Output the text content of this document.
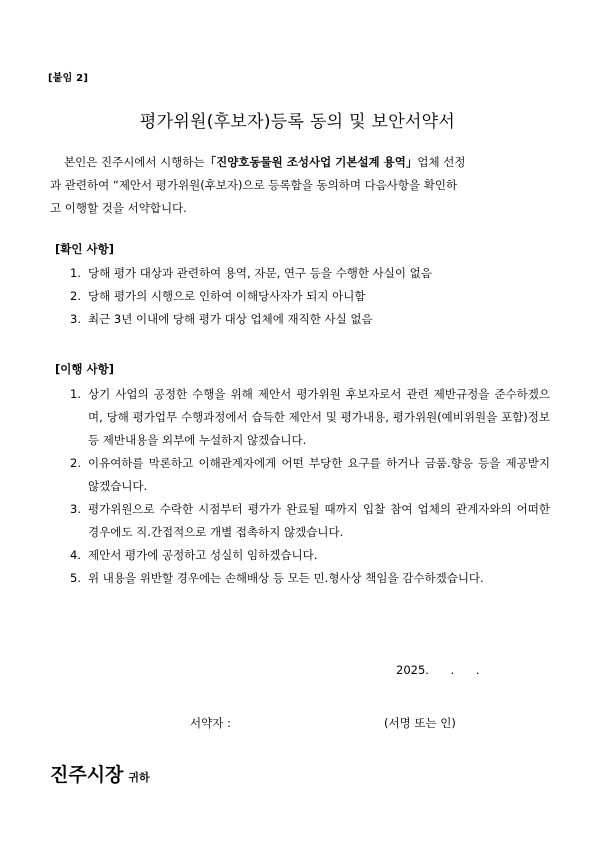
[붙임 2]
평가위원(후보자)등록 동의 및 보안서약서

본인은 진주시에서 시행하는「진양호동물원 조성사업 기본설계 용역」업체 선정

과 관련하여 “제안서 평가위원(후보자)으로 등록함을 동의하며 다음사항을 확인하

고 이행할 것을 서약합니다.

[확인 사항]
1. 당해 평가 대상과 관련하여 용역, 자문, 연구 등을 수행한 사실이 없음
2. 당해 평가의 시행으로 인하여 이해당사자가 되지 아니함
3. 최근 3년 이내에 당해 평가 대상 업체에 재직한 사실 없음
[이행 사항]
1. 상기 사업의 공정한 수행을 위해 제안서 평가위원 후보자로서 관련 제반규정을 준수하겠으며, 당해 평가업무 수행과정에서 습득한 제안서 및 평가내용, 평가위원(예비위원을 포함)정보 등 제반내용을 외부에 누설하지 않겠습니다.
2. 이유여하를 막론하고 이해관계자에게 어떤 부당한 요구를 하거나 금품.향응 등을 제공받지 않겠습니다.
3. 평가위원으로 수락한 시점부터 평가가 완료될 때까지 입찰 참여 업체의 관계자와의 어떠한 경우에도 직.간접적으로 개별 접촉하지 않겠습니다.
4. 제안서 평가에 공정하고 성실히 임하겠습니다.
5. 위 내용을 위반할 경우에는 손해배상 등 모든 민.형사상 책임을 감수하겠습니다.
2025. . .
서약자 :	(서명 또는 인)
진주시장 귀하
